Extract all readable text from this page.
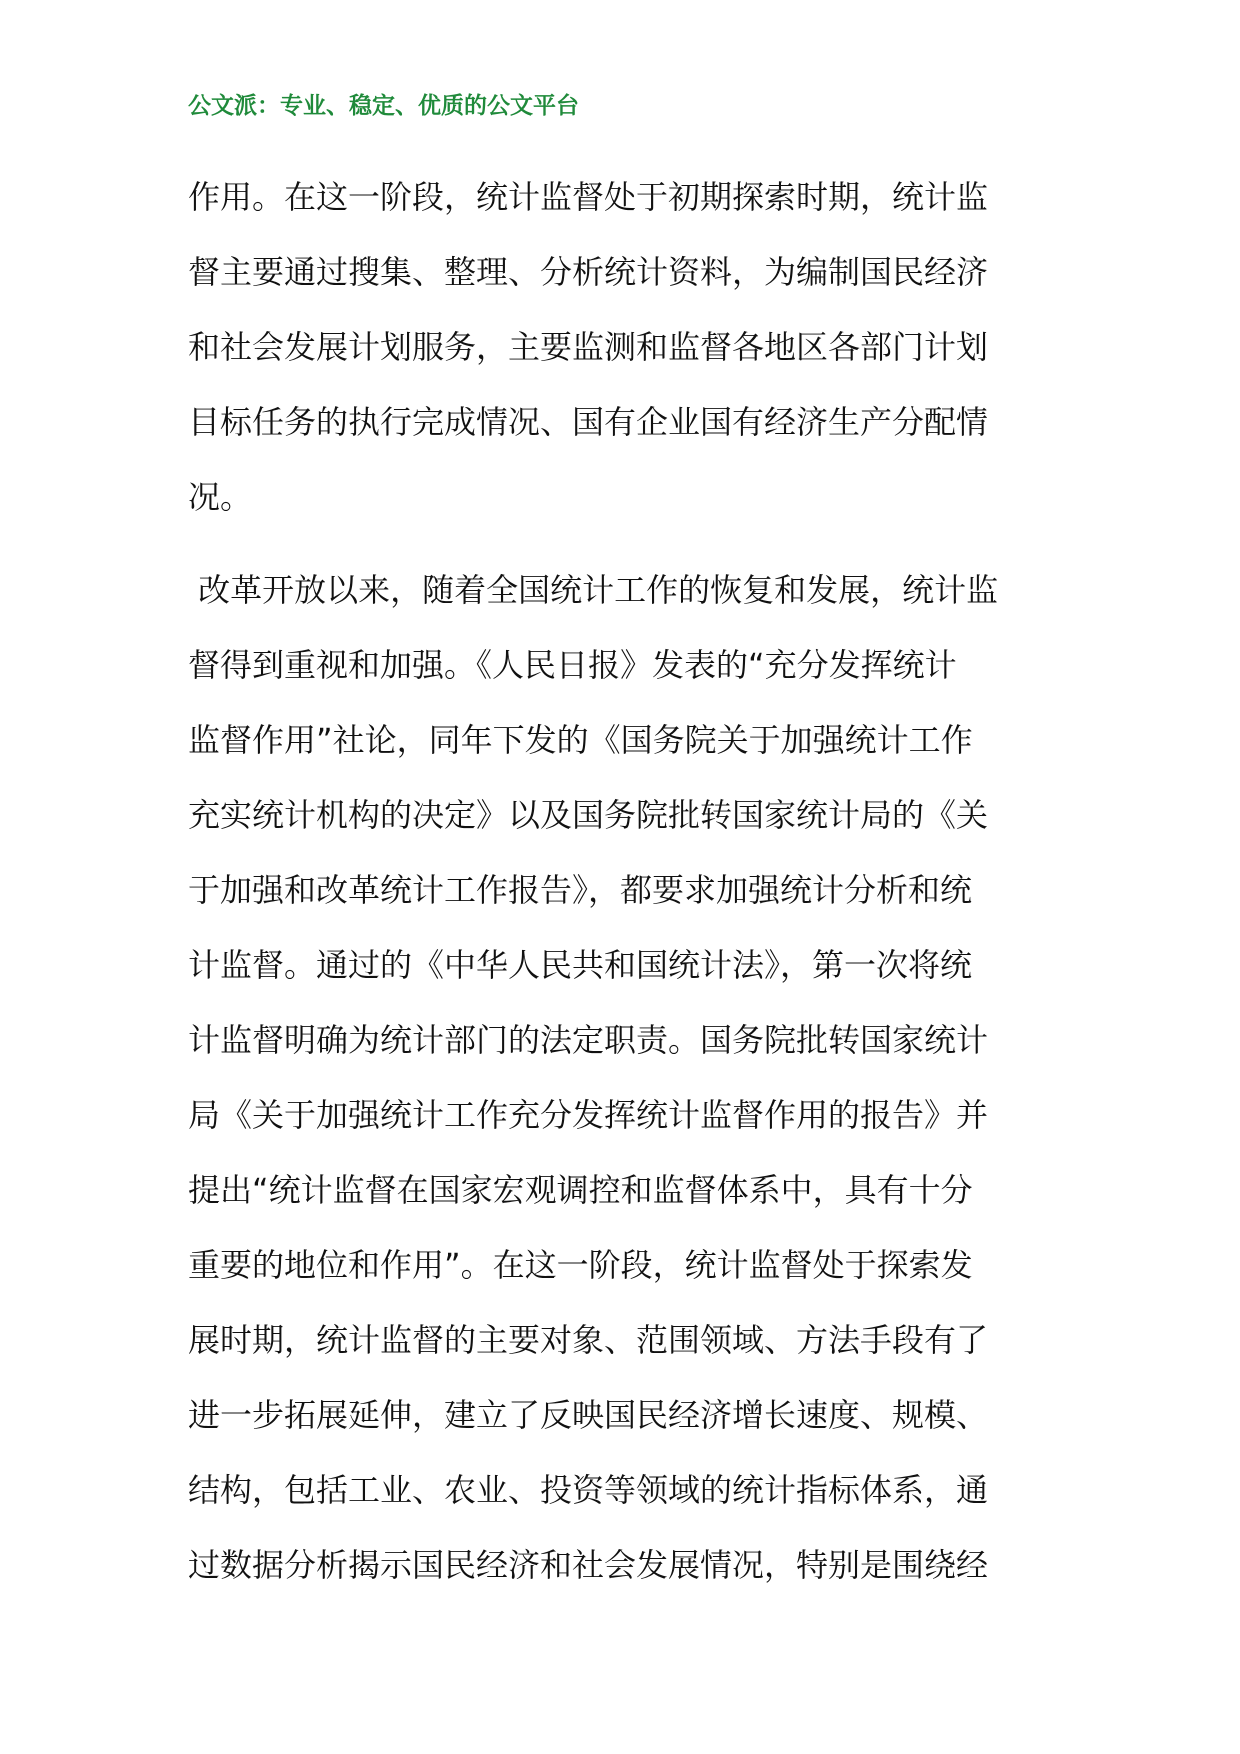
公文派：专业、稳定、优质的公文平台
作用。在这一阶段，统计监督处于初期探索时期，统计监
督主要通过搜集、整理、分析统计资料，为编制国民经济
和社会发展计划服务，主要监测和监督各地区各部门计划
目标任务的执行完成情况、国有企业国有经济生产分配情
况。
改革开放以来，随着全国统计工作的恢复和发展，统计监
督得到重视和加强。《人民日报》发表的“充分发挥统计
监督作用”社论，同年下发的《国务院关于加强统计工作
充实统计机构的决定》以及国务院批转国家统计局的《关
于加强和改革统计工作报告》，都要求加强统计分析和统
计监督。通过的《中华人民共和国统计法》，第一次将统
计监督明确为统计部门的法定职责。国务院批转国家统计
局《关于加强统计工作充分发挥统计监督作用的报告》并
提出“统计监督在国家宏观调控和监督体系中，具有十分
重要的地位和作用”。在这一阶段，统计监督处于探索发
展时期，统计监督的主要对象、范围领域、方法手段有了
进一步拓展延伸，建立了反映国民经济增长速度、规模、
结构，包括工业、农业、投资等领域的统计指标体系，通
过数据分析揭示国民经济和社会发展情况，特别是围绕经
